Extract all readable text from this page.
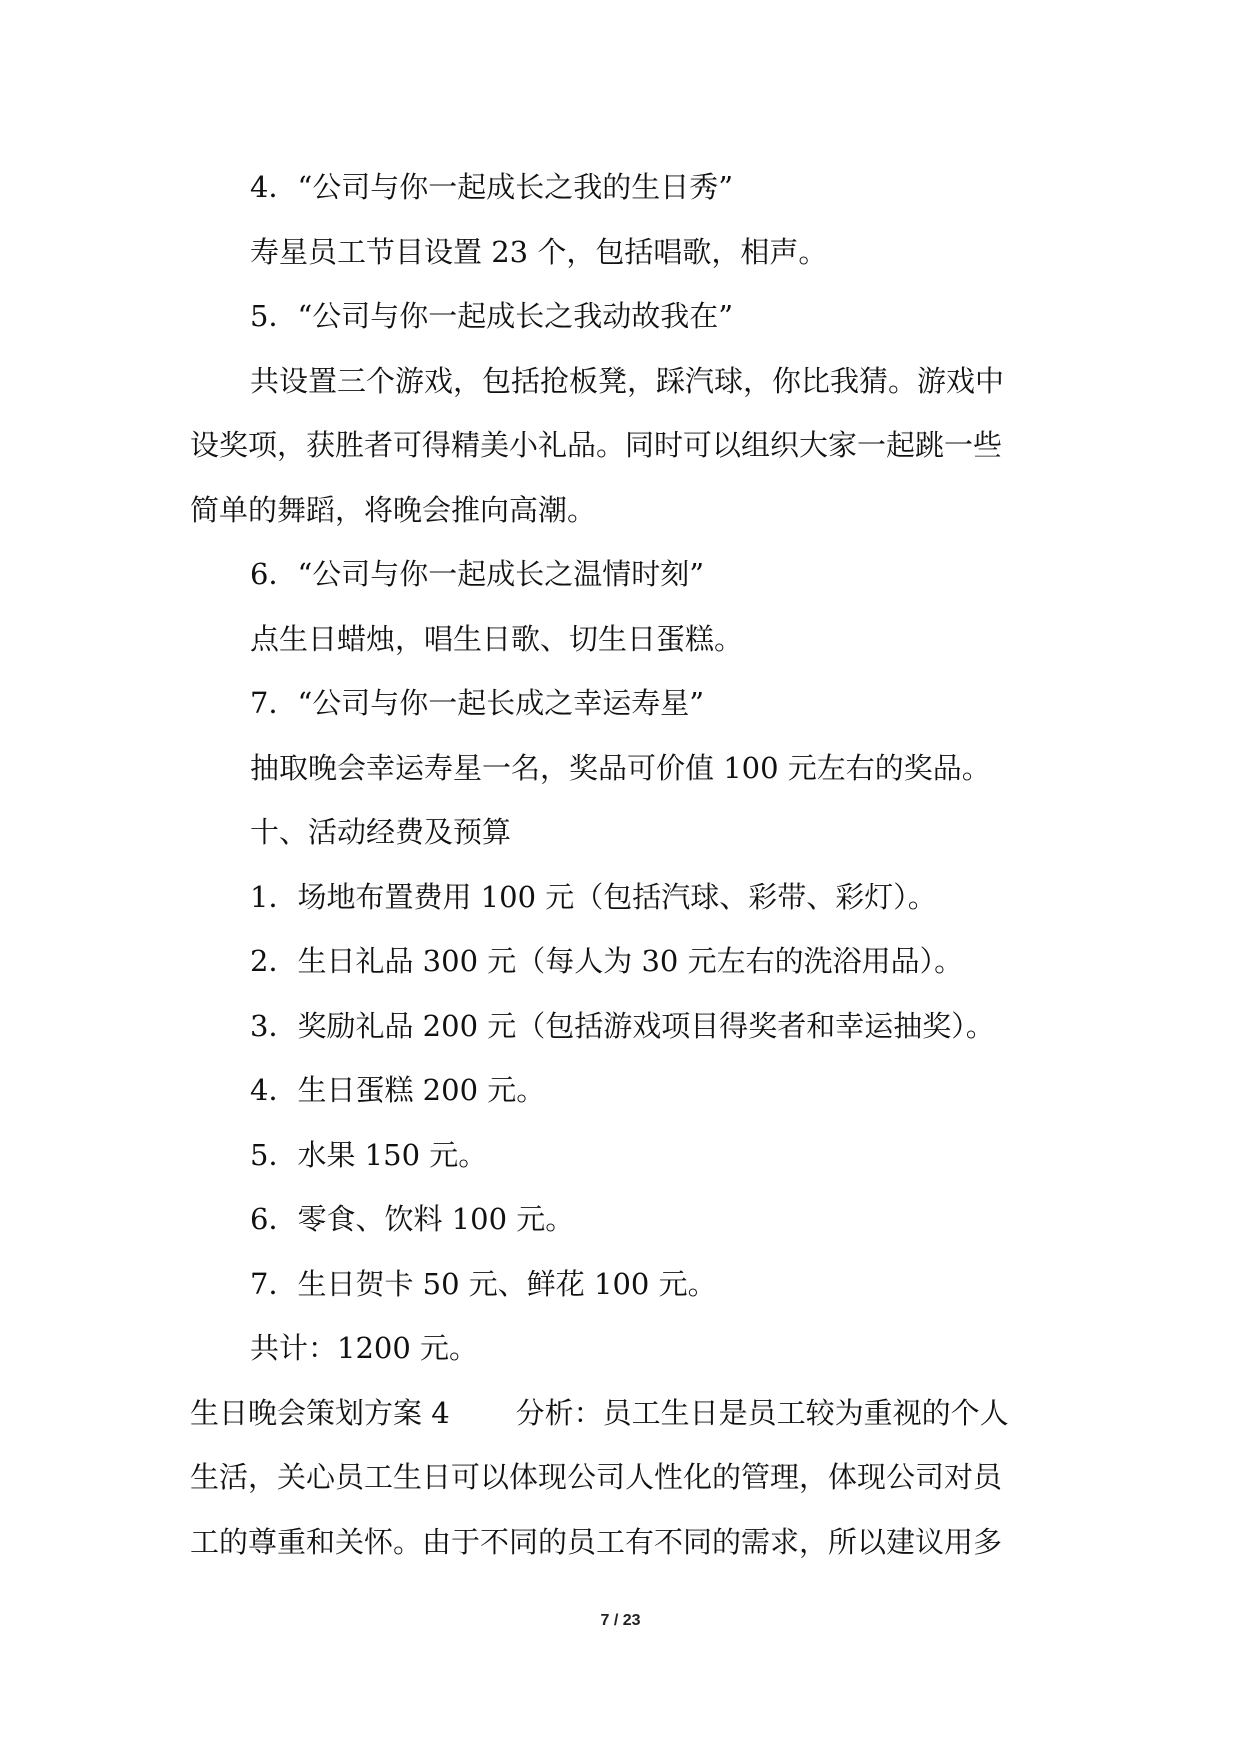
4．“公司与你一起成长之我的生日秀”

寿星员工节目设置 23 个，包括唱歌，相声。

5．“公司与你一起成长之我动故我在”

共设置三个游戏，包括抢板凳，踩汽球，你比我猜。游戏中
设奖项，获胜者可得精美小礼品。同时可以组织大家一起跳一些
简单的舞蹈，将晚会推向高潮。

6．“公司与你一起成长之温情时刻”

点生日蜡烛，唱生日歌、切生日蛋糕。

7．“公司与你一起长成之幸运寿星”

抽取晚会幸运寿星一名，奖品可价值 100 元左右的奖品。

十、活动经费及预算

1．场地布置费用 100 元（包括汽球、彩带、彩灯）。

2．生日礼品 300 元（每人为 30 元左右的洗浴用品）。

3．奖励礼品 200 元（包括游戏项目得奖者和幸运抽奖）。

4．生日蛋糕 200 元。

5．水果 150 元。

6．零食、饮料 100 元。

7．生日贺卡 50 元、鲜花 100 元。

共计：1200 元。

生日晚会策划方案 4 分析：员工生日是员工较为重视的个人
生活，关心员工生日可以体现公司人性化的管理，体现公司对员
工的尊重和关怀。由于不同的员工有不同的需求，所以建议用多
7 / 23
